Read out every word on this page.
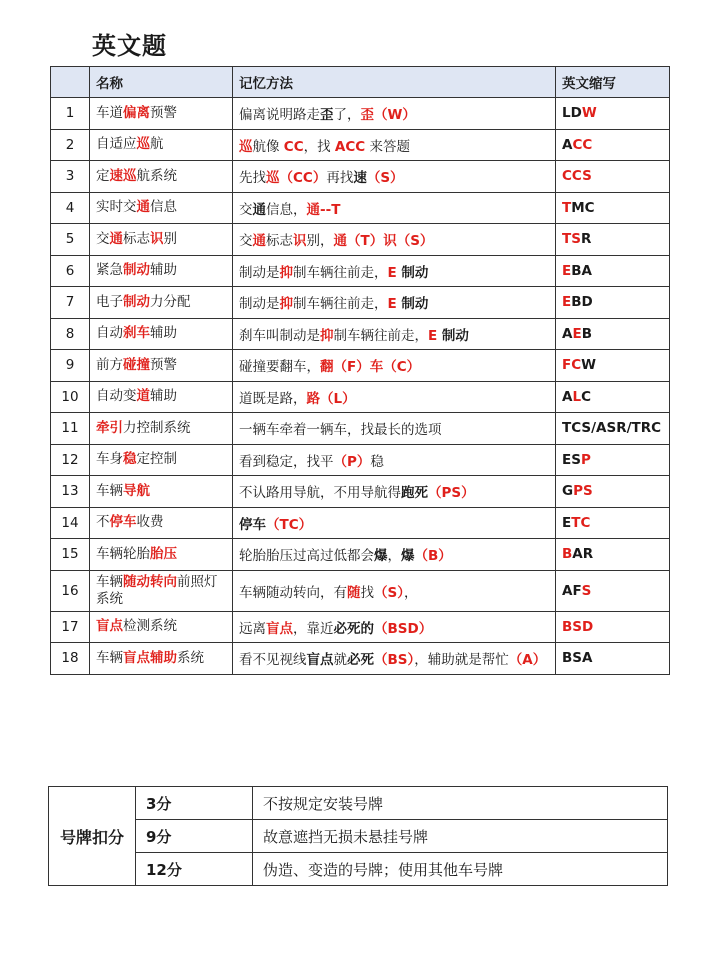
英文题
	名称	记忆方法	英文缩写
1	车道偏离预警	偏离说明路走歪了，歪（W）	LDW
2	自适应巡航	巡航像 CC，找 ACC 来答题	ACC
3	定速巡航系统	先找巡（CC）再找速（S）	CCS
4	实时交通信息	交通信息，通--T	TMC
5	交通标志识别	交通标志识别，通（T）识（S）	TSR
6	紧急制动辅助	制动是抑制车辆往前走，E 制动	EBA
7	电子制动力分配	制动是抑制车辆往前走，E 制动	EBD
8	自动刹车辅助	刹车叫制动是抑制车辆往前走，E 制动	AEB
9	前方碰撞预警	碰撞要翻车，翻（F）车（C）	FCW
10	自动变道辅助	道既是路，路（L）	ALC
11	牵引力控制系统	一辆车牵着一辆车，找最长的选项	TCS/ASR/TRC
12	车身稳定控制	看到稳定，找平（P）稳	ESP
13	车辆导航	不认路用导航，不用导航得跑死（PS）	GPS
14	不停车收费	停车（TC）	ETC
15	车辆轮胎胎压	轮胎胎压过高过低都会爆，爆（B）	BAR
16	车辆随动转向前照灯系统	车辆随动转向，有随找（S），	AFS
17	盲点检测系统	远离盲点，靠近必死的（BSD）	BSD
18	车辆盲点辅助系统	看不见视线盲点就必死（BS），辅助就是帮忙（A）	BSA
号牌扣分	3分	不按规定安装号牌
	9分	故意遮挡无损未悬挂号牌
	12分	伪造、变造的号牌；使用其他车号牌
